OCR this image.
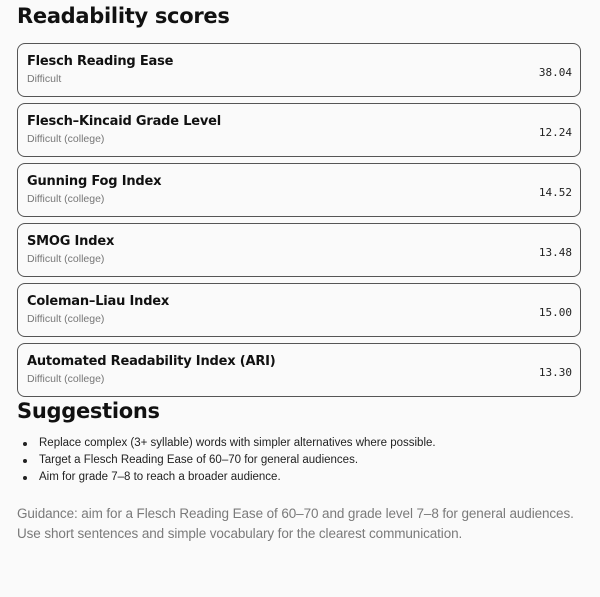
Readability scores
Flesch Reading Ease
Difficult
38.04
Flesch–Kincaid Grade Level
Difficult (college)
12.24
Gunning Fog Index
Difficult (college)
14.52
SMOG Index
Difficult (college)
13.48
Coleman–Liau Index
Difficult (college)
15.00
Automated Readability Index (ARI)
Difficult (college)
13.30
Suggestions
Replace complex (3+ syllable) words with simpler alternatives where possible.
Target a Flesch Reading Ease of 60–70 for general audiences.
Aim for grade 7–8 to reach a broader audience.
Guidance: aim for a Flesch Reading Ease of 60–70 and grade level 7–8 for general audiences.
Use short sentences and simple vocabulary for the clearest communication.
